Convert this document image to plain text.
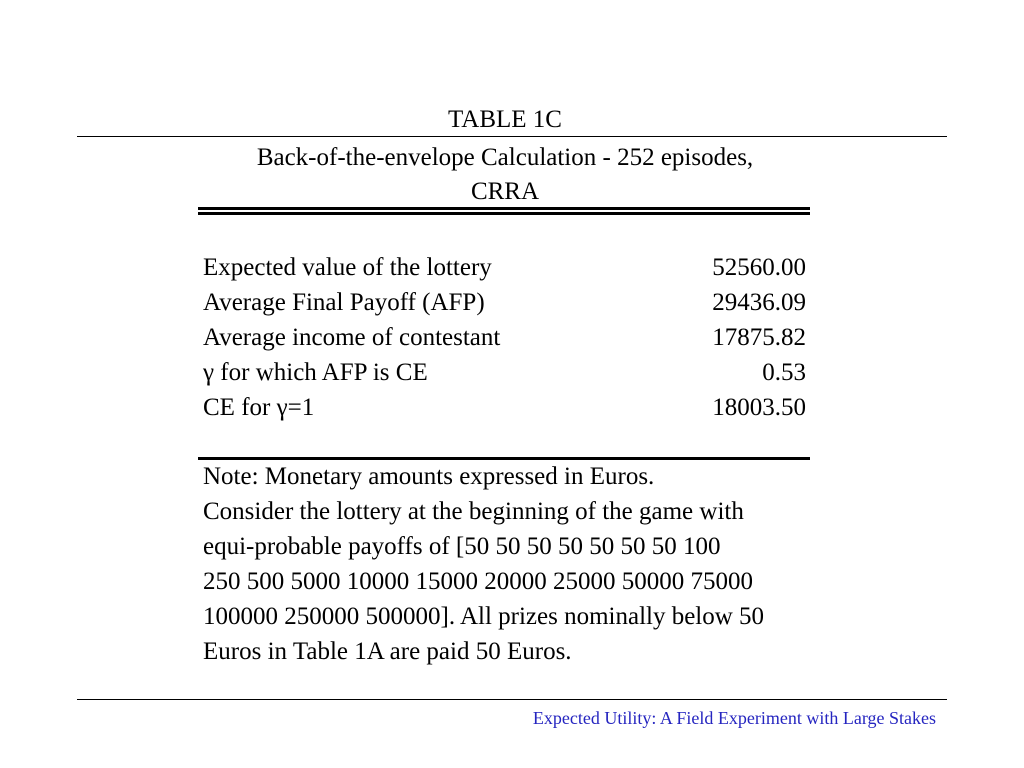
TABLE 1C
Back-of-the-envelope Calculation - 252 episodes,
CRRA
Expected value of the lottery	52560.00
Average Final Payoff (AFP)	29436.09
Average income of contestant	17875.82
γ for which AFP is CE	0.53
CE for γ=1	18003.50
Note: Monetary amounts expressed in Euros.
Consider the lottery at the beginning of the game with
equi-probable payoffs of [50 50 50 50 50 50 50 100
250 500 5000 10000 15000 20000 25000 50000 75000
100000 250000 500000]. All prizes nominally below 50
Euros in Table 1A are paid 50 Euros.
Expected Utility: A Field Experiment with Large Stakes
